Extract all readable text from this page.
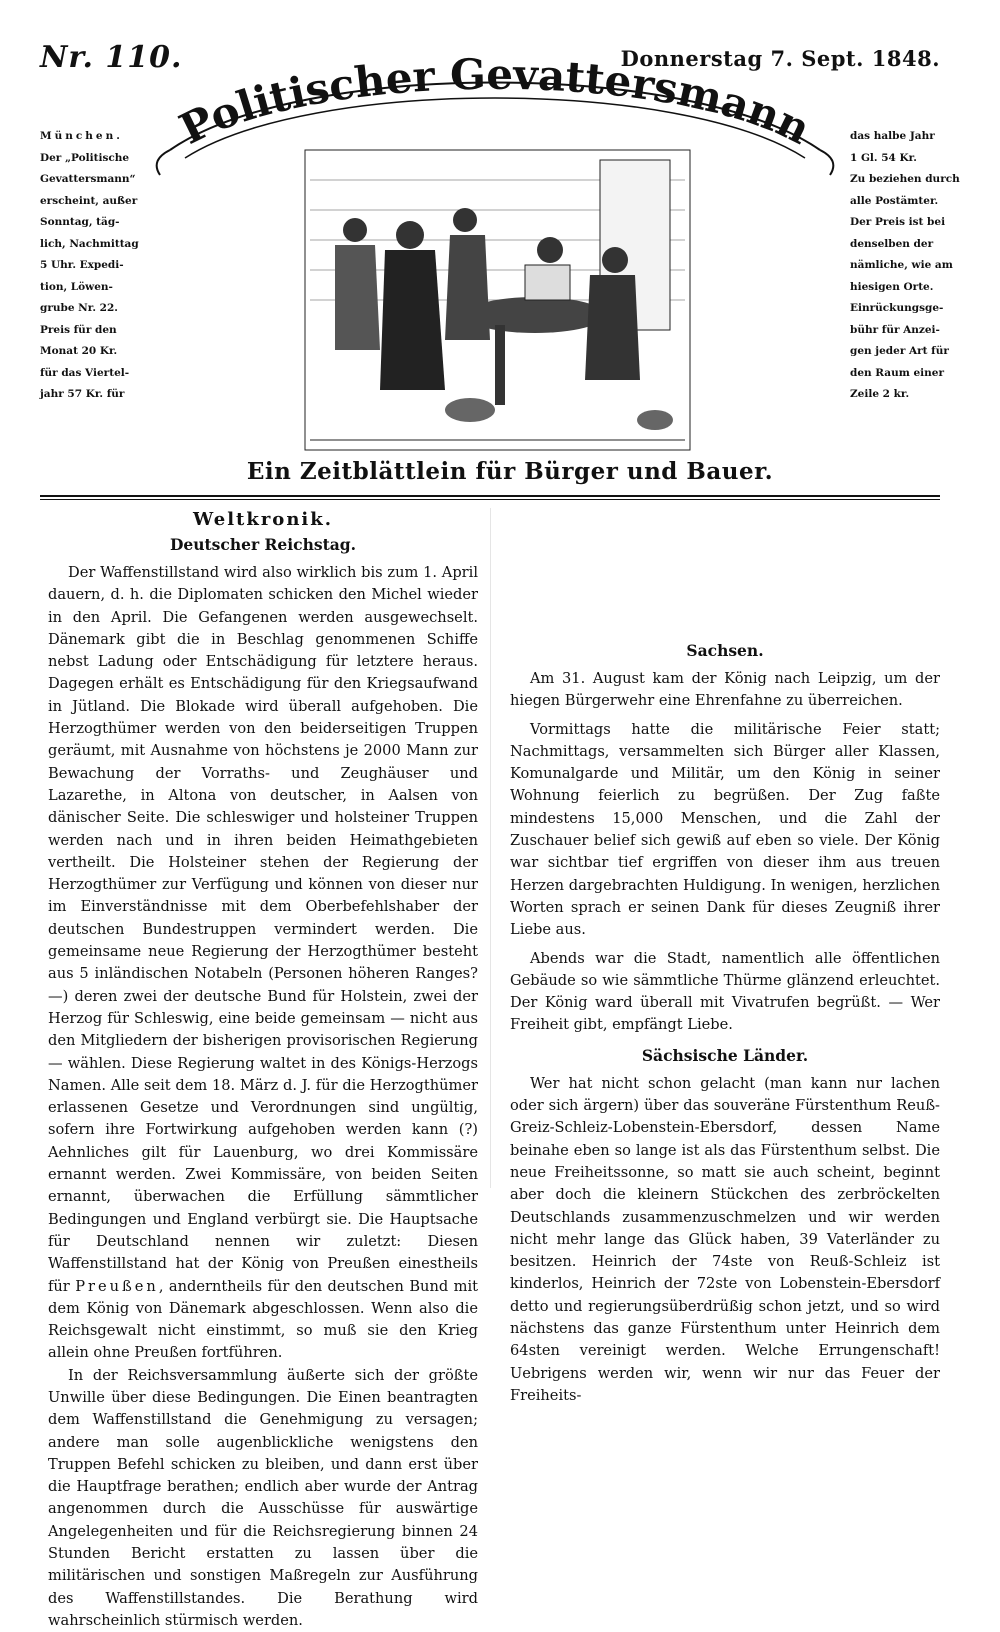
Nr. 110.	Donnerstag 7. Sept. 1848.
Politischer Gevattersmann
München.
Der „Politische
Gevattersmann“
erscheint, außer
Sonntag, täg-
lich, Nachmittag
5 Uhr. Expedi-
tion, Löwen-
grube Nr. 22.
Preis für den
Monat 20 Kr.
für das Viertel-
jahr 57 Kr. für
das halbe Jahr
1 Gl. 54 Kr.
Zu beziehen durch
alle Postämter.
Der Preis ist bei
denselben der
nämliche, wie am
hiesigen Orte.
Einrückungsge-
bühr für Anzei-
gen jeder Art für
den Raum einer
Zeile 2 kr.
Ein Zeitblättlein für Bürger und Bauer.
Weltkronik.
Deutscher Reichstag.

Der Waffenstillstand wird also wirklich bis zum 1. April dauern, d. h. die Diplomaten schicken den Michel wieder in den April. Die Gefangenen werden ausgewechselt. Dänemark gibt die in Beschlag genommenen Schiffe nebst Ladung oder Entschädigung für letztere heraus. Dagegen erhält es Entschädigung für den Kriegsaufwand in Jütland. Die Blokade wird überall aufgehoben. Die Herzogthümer werden von den beiderseitigen Truppen geräumt, mit Ausnahme von höchstens je 2000 Mann zur Bewachung der Vorraths- und Zeughäuser und Lazarethe, in Altona von deutscher, in Aalsen von dänischer Seite. Die schleswiger und holsteiner Truppen werden nach und in ihren beiden Heimathgebieten vertheilt. Die Holsteiner stehen der Regierung der Herzogthümer zur Verfügung und können von dieser nur im Einverständnisse mit dem Oberbefehlshaber der deutschen Bundestruppen vermindert werden. Die gemeinsame neue Regierung der Herzogthümer besteht aus 5 inländischen Notabeln (Personen höheren Ranges? —) deren zwei der deutsche Bund für Holstein, zwei der Herzog für Schleswig, eine beide gemeinsam — nicht aus den Mitgliedern der bisherigen provisorischen Regierung — wählen. Diese Regierung waltet in des Königs-Herzogs Namen. Alle seit dem 18. März d. J. für die Herzogthümer erlassenen Gesetze und Verordnungen sind ungültig, sofern ihre Fortwirkung aufgehoben werden kann (?) Aehnliches gilt für Lauenburg, wo drei Kommissäre ernannt werden. Zwei Kommissäre, von beiden Seiten ernannt, überwachen die Erfüllung sämmtlicher Bedingungen und England verbürgt sie. Die Hauptsache für Deutschland nennen wir zuletzt: Diesen Waffenstillstand hat der König von Preußen einestheils für Preußen, anderntheils für den deutschen Bund mit dem König von Dänemark abgeschlossen. Wenn also die Reichsgewalt nicht einstimmt, so muß sie den Krieg allein ohne Preußen fortführen.

In der Reichsversammlung äußerte sich der größte Unwille über diese Bedingungen. Die Einen beantragten dem Waffenstillstand die Genehmigung zu versagen; andere man solle augenblickliche wenigstens den Truppen Befehl schicken zu bleiben, und dann erst über die Hauptfrage berathen; endlich aber wurde der Antrag angenommen durch die Ausschüsse für auswärtige Angelegenheiten und für die Reichsregierung binnen 24 Stunden Bericht erstatten zu lassen über die militärischen und sonstigen Maßregeln zur Ausführung des Waffenstillstandes. Die Berathung wird wahrscheinlich stürmisch werden.

Sachsen.

Am 31. August kam der König nach Leipzig, um der hiegen Bürgerwehr eine Ehrenfahne zu überreichen.

Vormittags hatte die militärische Feier statt; Nachmittags, versammelten sich Bürger aller Klassen, Komunalgarde und Militär, um den König in seiner Wohnung feierlich zu begrüßen. Der Zug faßte mindestens 15,000 Menschen, und die Zahl der Zuschauer belief sich gewiß auf eben so viele. Der König war sichtbar tief ergriffen von dieser ihm aus treuen Herzen dargebrachten Huldigung. In wenigen, herzlichen Worten sprach er seinen Dank für dieses Zeugniß ihrer Liebe aus.

Abends war die Stadt, namentlich alle öffentlichen Gebäude so wie sämmtliche Thürme glänzend erleuchtet. Der König ward überall mit Vivatrufen begrüßt. — Wer Freiheit gibt, empfängt Liebe.

Sächsische Länder.

Wer hat nicht schon gelacht (man kann nur lachen oder sich ärgern) über das souveräne Fürstenthum Reuß-Greiz-Schleiz-Lobenstein-Ebersdorf, dessen Name beinahe eben so lange ist als das Fürstenthum selbst. Die neue Freiheitssonne, so matt sie auch scheint, beginnt aber doch die kleinern Stückchen des zerbröckelten Deutschlands zusammenzuschmelzen und wir werden nicht mehr lange das Glück haben, 39 Vaterländer zu besitzen. Heinrich der 74ste von Reuß-Schleiz ist kinderlos, Heinrich der 72ste von Lobenstein-Ebersdorf detto und regierungsüberdrüßig schon jetzt, und so wird nächstens das ganze Fürstenthum unter Heinrich dem 64sten vereinigt werden. Welche Errungenschaft! Uebrigens werden wir, wenn wir nur das Feuer der Freiheits-
